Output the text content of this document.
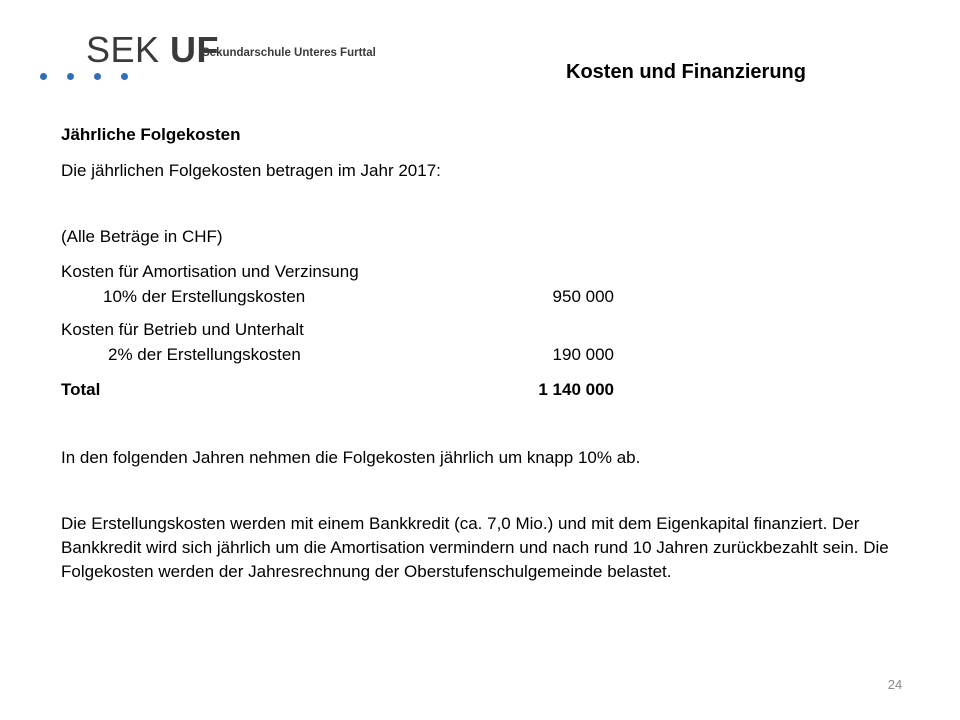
SEK UF
Sekundarschule Unteres Furttal
Kosten und Finanzierung
Jährliche Folgekosten
Die jährlichen Folgekosten betragen im Jahr 2017:
(Alle Beträge in CHF)
Kosten für Amortisation und Verzinsung
10% der Erstellungskosten	950 000
Kosten für Betrieb und Unterhalt
2% der Erstellungskosten	190 000
Total	1 140 000
In den folgenden Jahren nehmen die Folgekosten jährlich um knapp 10% ab.
Die Erstellungskosten werden mit einem Bankkredit (ca. 7,0 Mio.) und mit dem Eigenkapital finanziert. Der Bankkredit wird sich jährlich um die Amortisation vermindern und nach rund 10 Jahren zurückbezahlt sein. Die Folgekosten werden der Jahresrechnung der Oberstufenschulgemeinde belastet.
24
